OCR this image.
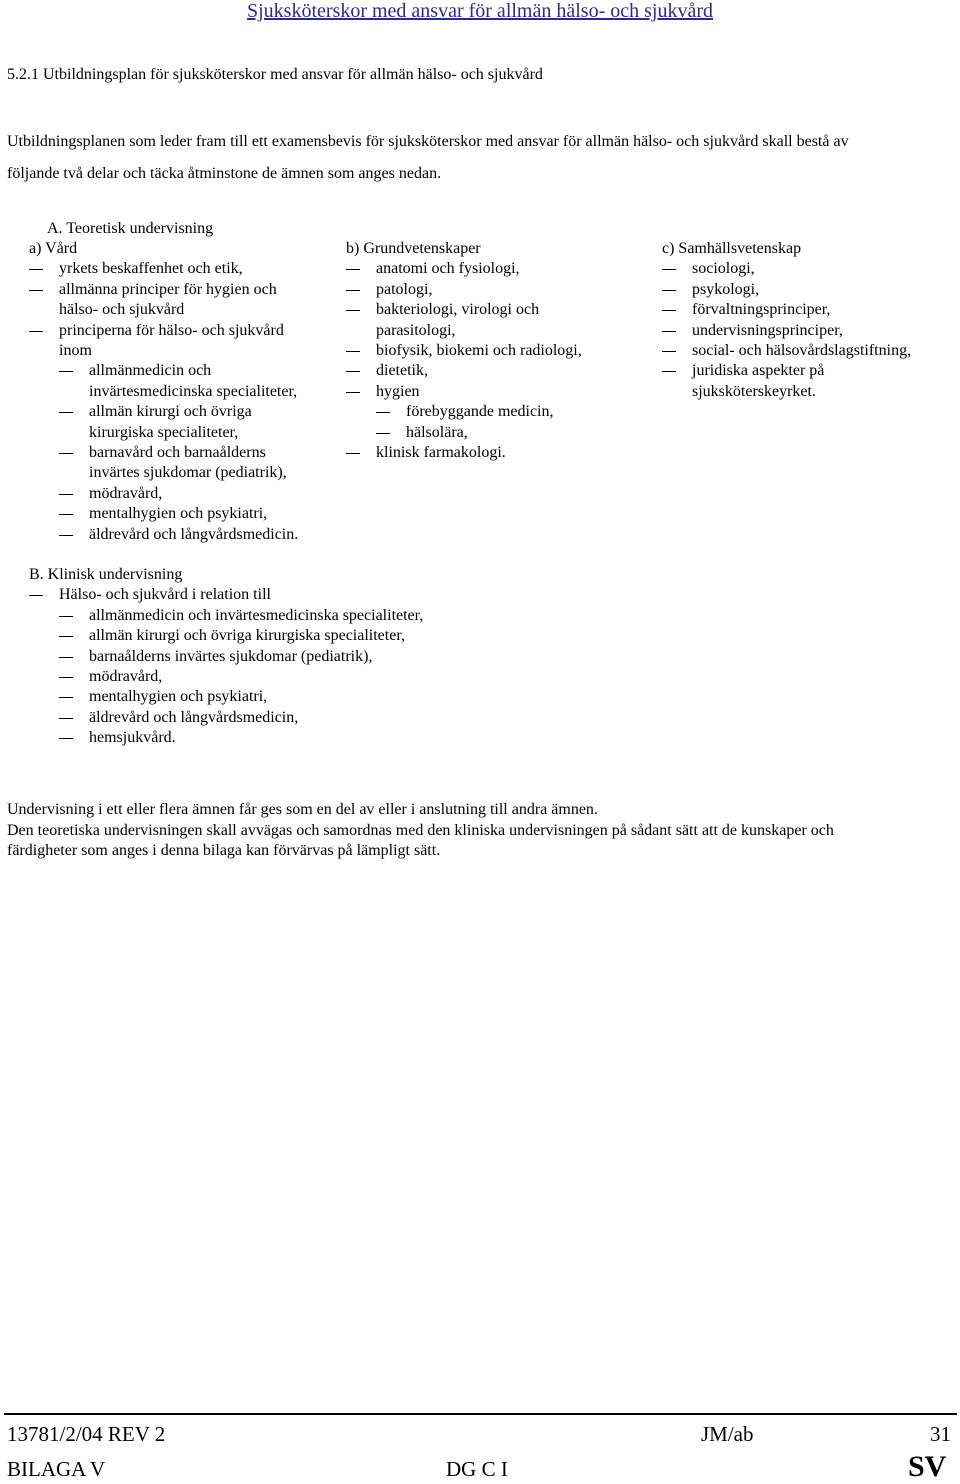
Sjuksköterskor med ansvar för allmän hälso- och sjukvård
5.2.1 Utbildningsplan för sjuksköterskor med ansvar för allmän hälso- och sjukvård
Utbildningsplanen som leder fram till ett examensbevis för sjuksköterskor med ansvar för allmän hälso- och sjukvård skall bestå av
följande två delar och täcka åtminstone de ämnen som anges nedan.
A. Teoretisk undervisning
a) Vård
yrkets beskaffenhet och etik,
allmänna principer för hygien och
hälso- och sjukvård
principerna för hälso- och sjukvård
inom
allmänmedicin och
invärtesmedicinska specialiteter,
allmän kirurgi och övriga
kirurgiska specialiteter,
barnavård och barnaålderns
invärtes sjukdomar (pediatrik),
mödravård,
mentalhygien och psykiatri,
äldrevård och långvårdsmedicin.
b) Grundvetenskaper
anatomi och fysiologi,
patologi,
bakteriologi, virologi och
parasitologi,
biofysik, biokemi och radiologi,
dietetik,
hygien
förebyggande medicin,
hälsolära,
klinisk farmakologi.
c) Samhällsvetenskap
sociologi,
psykologi,
förvaltningsprinciper,
undervisningsprinciper,
social- och hälsovårdslagstiftning,
juridiska aspekter på
sjuksköterskeyrket.
B. Klinisk undervisning
Hälso- och sjukvård i relation till
allmänmedicin och invärtesmedicinska specialiteter,
allmän kirurgi och övriga kirurgiska specialiteter,
barnaålderns invärtes sjukdomar (pediatrik),
mödravård,
mentalhygien och psykiatri,
äldrevård och långvårdsmedicin,
hemsjukvård.

Undervisning i ett eller flera ämnen får ges som en del av eller i anslutning till andra ämnen.

Den teoretiska undervisningen skall avvägas och samordnas med den kliniska undervisningen på sådant sätt att de kunskaper och

färdigheter som anges i denna bilaga kan förvärvas på lämpligt sätt.

13781/2/04 REV 2	JM/ab	31
BILAGA V	DG C I	SV
